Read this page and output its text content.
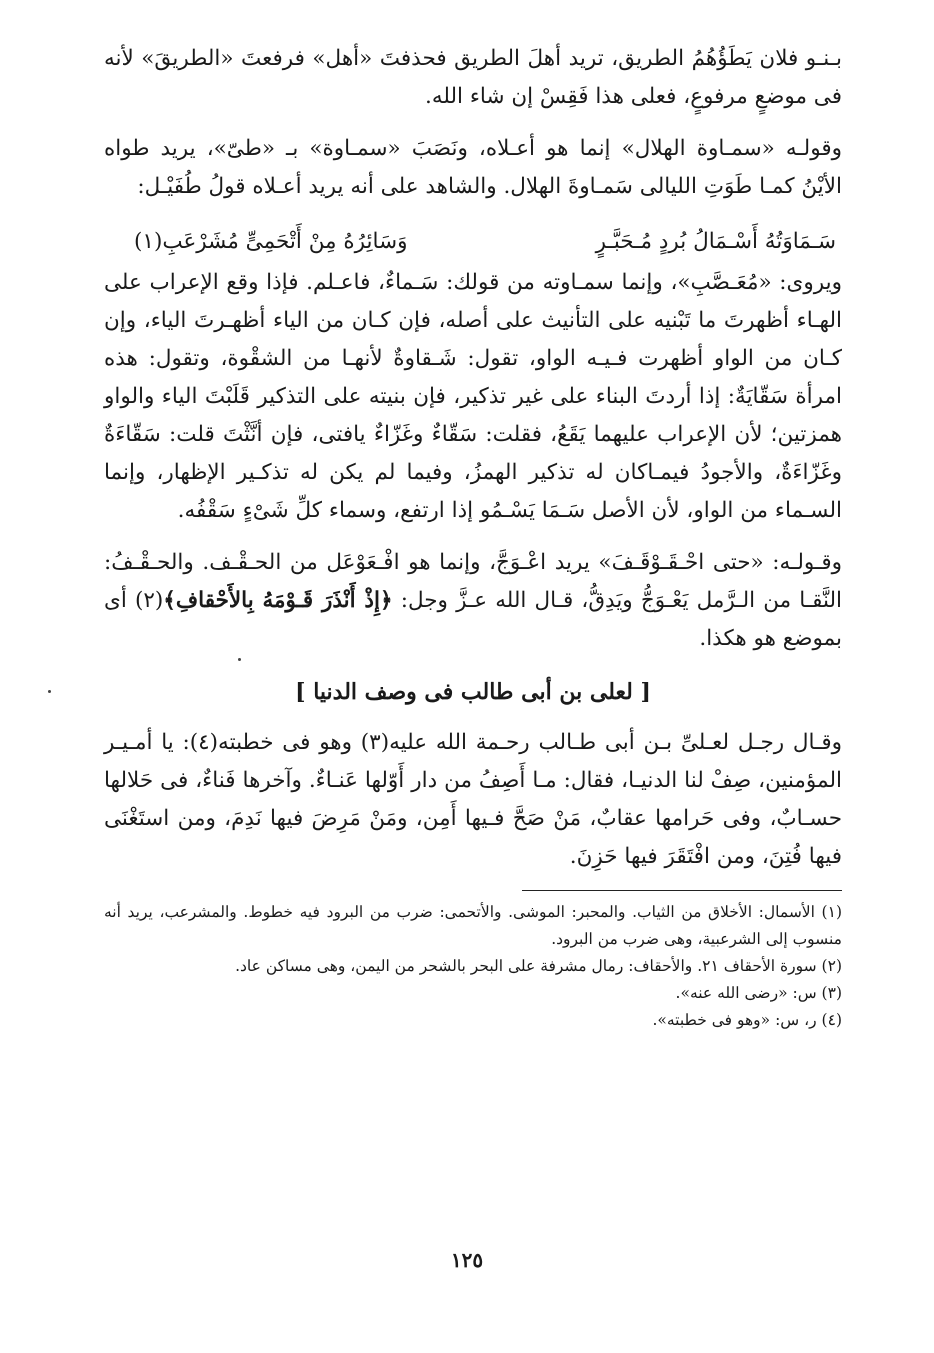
بـنـو فلان يَطَؤُهُمُ الطريق، تريد أهلَ الطريق فحذفتَ «أهل» فرفعتَ «الطريقَ» لأنه فى موضعٍ مرفوعٍ، فعلى هذا فَقِسْ إن شاء الله.

وقولـه «سمـاوة الهلال» إنما هو أعـلاه، ونَصَبَ «سمـاوة» بـ «طىّ»، يريد طواه الأيْنُ كمـا طَوَتِ الليالى سَمـاوةَ الهلال. والشاهد على أنه يريد أعـلاه قولُ طُفَيْـل:

سَـمَاوَتُهُ أَسْـمَالُ بُردٍ مُـحَبَّـرٍ
وَسَائِرُهُ مِنْ أَتْحَمِىٍّ مُشَرْعَبِ(١)

ويروى: «مُعَـصَّبِ»، وإنما سمـاوته من قولك: سَـماءٌ، فاعـلم. فإذا وقع الإعراب على الهـاء أظهرتَ ما تَبْنيه على التأنيث على أصله، فإن كـان من الياء أظهـرتَ الياء، وإن كـان من الواو أظهرت فـيـه الواو، تقول: شَـقاوةٌ لأنهـا من الشقْوة، وتقول: هذه امرأة سَقّايَةٌ: إذا أردتَ البناء على غير تذكير، فإن بنيته على التذكير قَلَبْتَ الياء والواو همزتين؛ لأن الإعراب عليهما يَقَعُ، فقلت: سَقّاءٌ وغَزّاءٌ يافتى، فإن أنَّثْتَ قلت: سَقّاءَةٌ وغَزّاءَةٌ، والأجودُ فيمـاكان له تذكير الهمزُ، وفيما لم يكن له تذكـير الإظهار، وإنما السـماء من الواو، لأن الأصل سَـمَا يَسْـمُو إذا ارتفع، وسماء كلِّ شَىْءٍ سَقْفُه.

وقـولـه: «حتى احْـقَـوْقَـفَ» يريد اعْـوَجَّ، وإنما هو افْـعَوْعَل من الحـقْـف. والحـقْـفُ: النَّقـا من الـرَّمل يَعْـوَجُّ ويَدِقُّ، قـال الله عـزَّ وجل: ﴿إِذْ أَنْذَرَ قَـوْمَهُ بِالأَحْقافِ﴾(٢) أى بموضع هو هكذا.

[ لعلى بن أبى طالب فى وصف الدنيا ]

وقـال رجـل لعـلىِّ بـن أبى طـالب رحـمة الله عليه(٣) وهو فى خطبته(٤): يا أمـيـر المؤمنين، صِفْ لنا الدنيـا، فقال: مـا أَصِفُ من دار أَوّلها عَنـاءٌ. وآخرها فَناءٌ، فى حَلالها حسـابٌ، وفى حَرامها عقابٌ، مَنْ صَحَّ فـيها أَمِن، ومَنْ مَرِضَ فيها نَدِمَ، ومن استَغْنَى فيها فُتِنَ، ومن افْتَقَرَ فيها حَزِنَ.

(١) الأسمال: الأخلاق من الثياب. والمحبر: الموشى. والأتحمى: ضرب من البرود فيه خطوط. والمشرعب، يريد أنه منسوب إلى الشرعبية، وهى ضرب من البرود.

(٢) سورة الأحقاف ٢١. والأحقاف: رمال مشرفة على البحر بالشحر من اليمن، وهى مساكن عاد.

(٣) س: «رضى الله عنه».

(٤) ر، س: «وهو فى خطبته».

١٢٥
